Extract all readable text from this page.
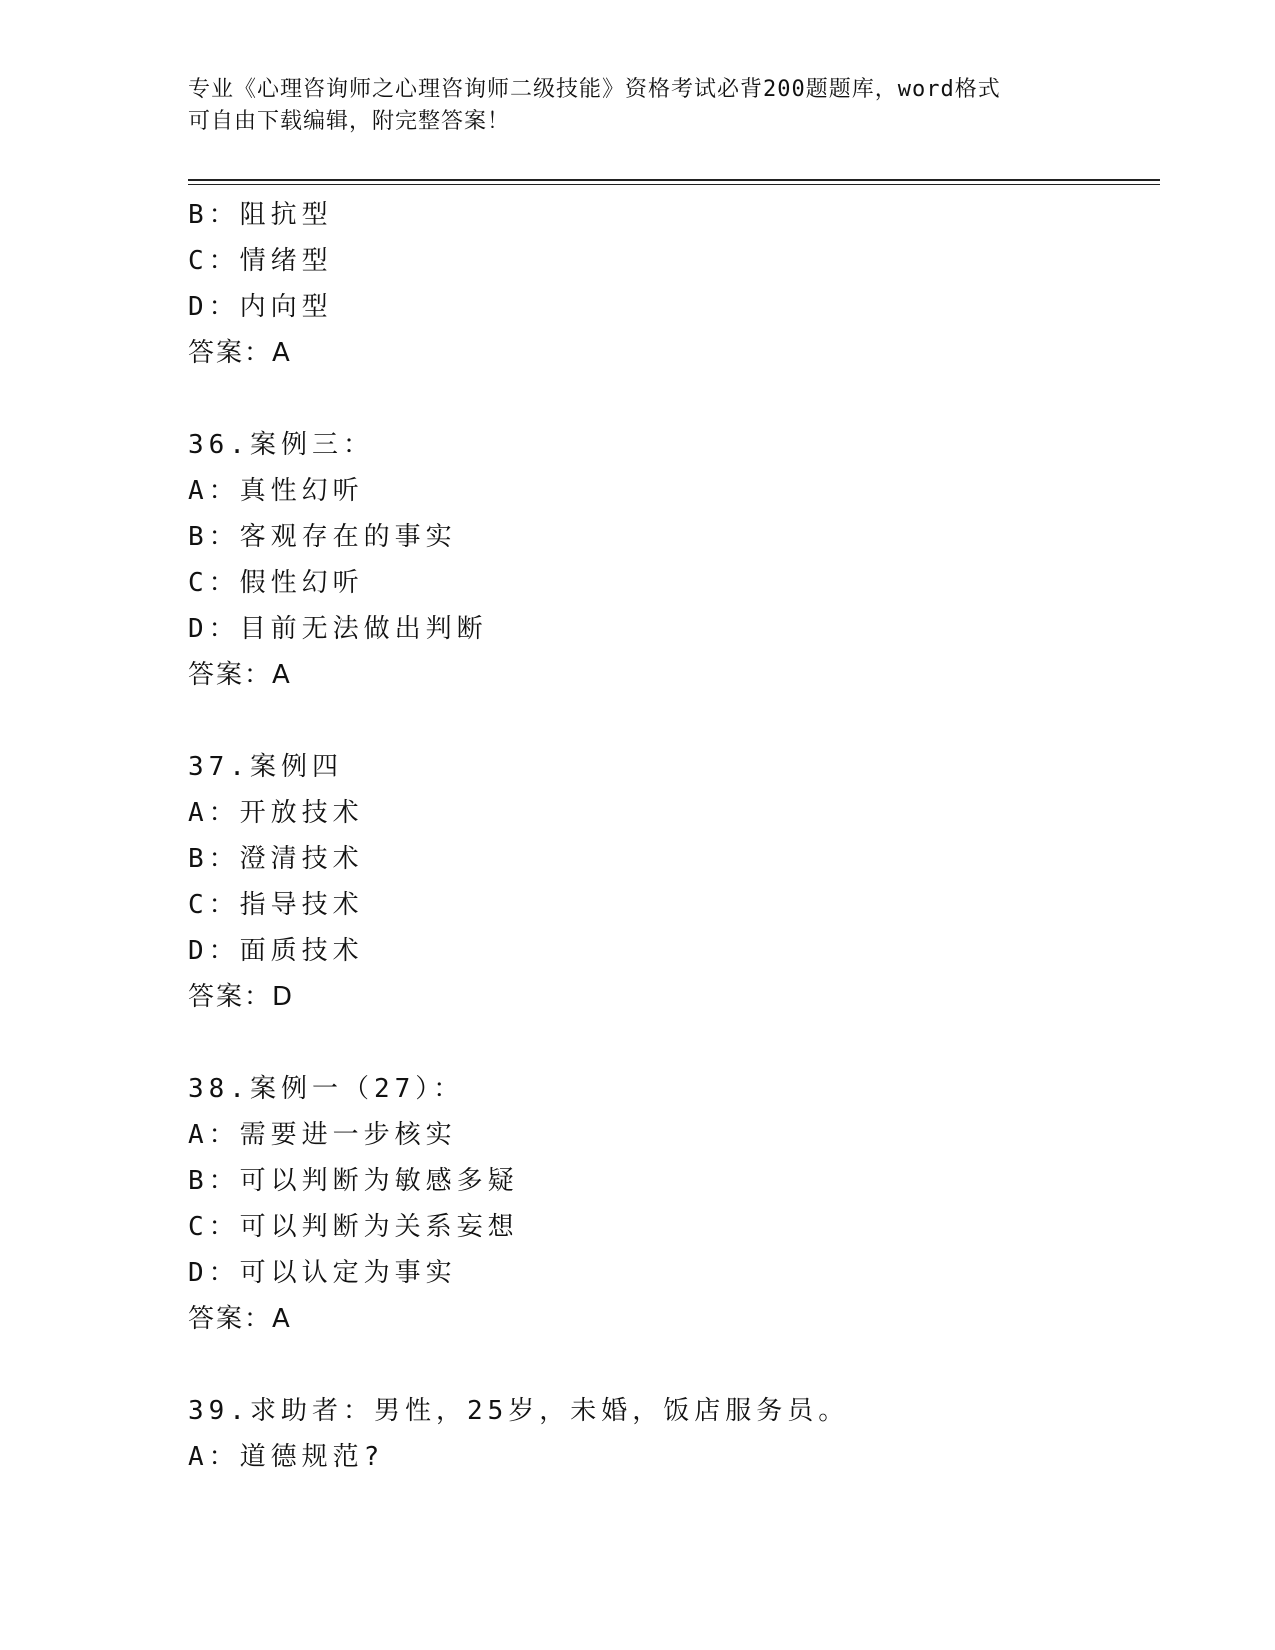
专业《心理咨询师之心理咨询师二级技能》资格考试必背200题题库，word格式
可自由下载编辑，附完整答案！
B：阻抗型
C：情绪型
D：内向型
答案：A
36.案例三：
A：真性幻听
B：客观存在的事实
C：假性幻听
D：目前无法做出判断
答案：A
37.案例四
A：开放技术
B：澄清技术
C：指导技术
D：面质技术
答案：D
38.案例一（27）：
A：需要进一步核实
B：可以判断为敏感多疑
C：可以判断为关系妄想
D：可以认定为事实
答案：A
39.求助者：男性，25岁，未婚，饭店服务员。
A：道德规范?
